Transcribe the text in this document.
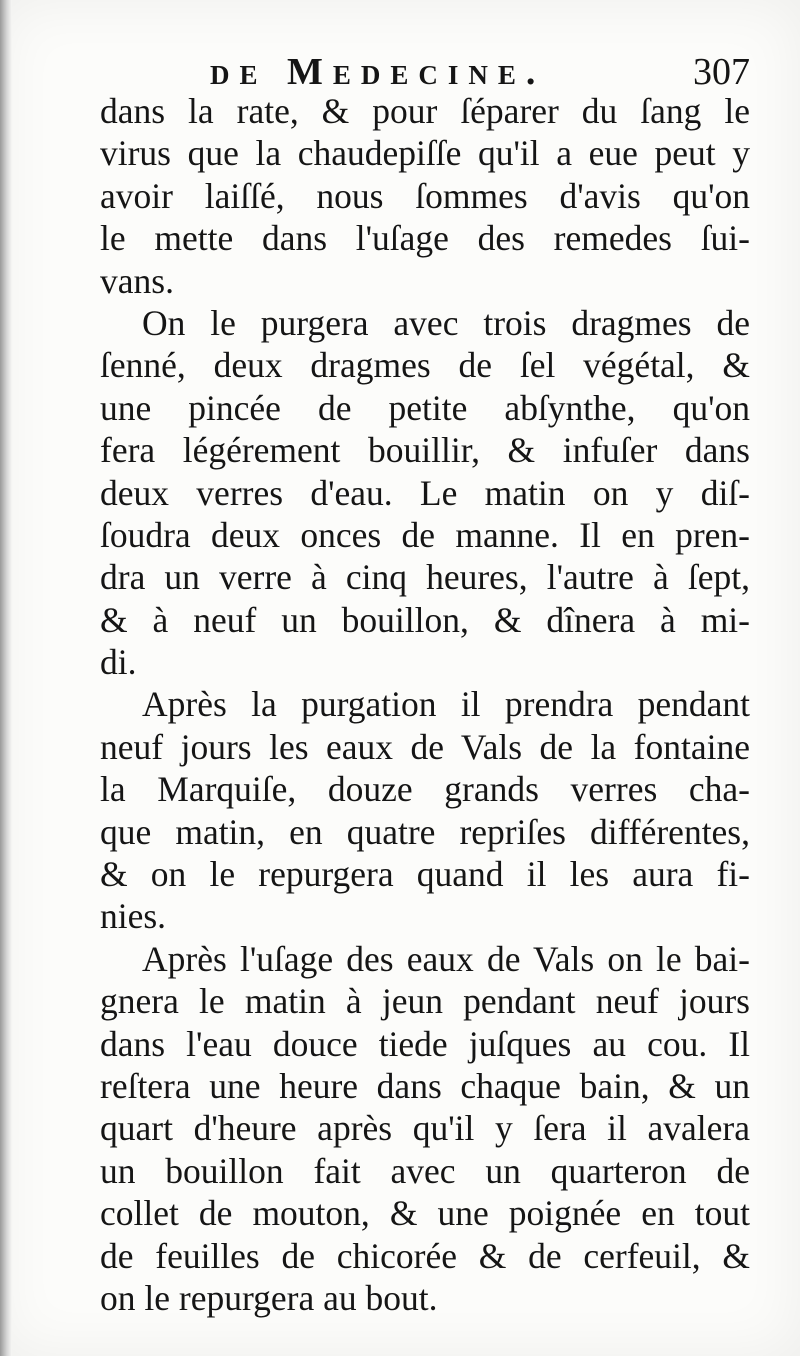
de Medecine.	307
dans la rate, & pour ſéparer du ſang le
virus que la chaudepiſſe qu'il a eue peut y
avoir laiſſé, nous ſommes d'avis qu'on
le mette dans l'uſage des remedes ſui-
vans.
On le purgera avec trois dragmes de
ſenné, deux dragmes de ſel végétal, &
une pincée de petite abſynthe, qu'on
fera légérement bouillir, & infuſer dans
deux verres d'eau. Le matin on y diſ-
ſoudra deux onces de manne. Il en pren-
dra un verre à cinq heures, l'autre à ſept,
& à neuf un bouillon, & dînera à mi-
di.
Après la purgation il prendra pendant
neuf jours les eaux de Vals de la fontaine
la Marquiſe, douze grands verres cha-
que matin, en quatre repriſes différentes,
& on le repurgera quand il les aura fi-
nies.
Après l'uſage des eaux de Vals on le bai-
gnera le matin à jeun pendant neuf jours
dans l'eau douce tiede juſques au cou. Il
reſtera une heure dans chaque bain, & un
quart d'heure après qu'il y ſera il avalera
un bouillon fait avec un quarteron de
collet de mouton, & une poignée en tout
de feuilles de chicorée & de cerfeuil, &
on le repurgera au bout.
